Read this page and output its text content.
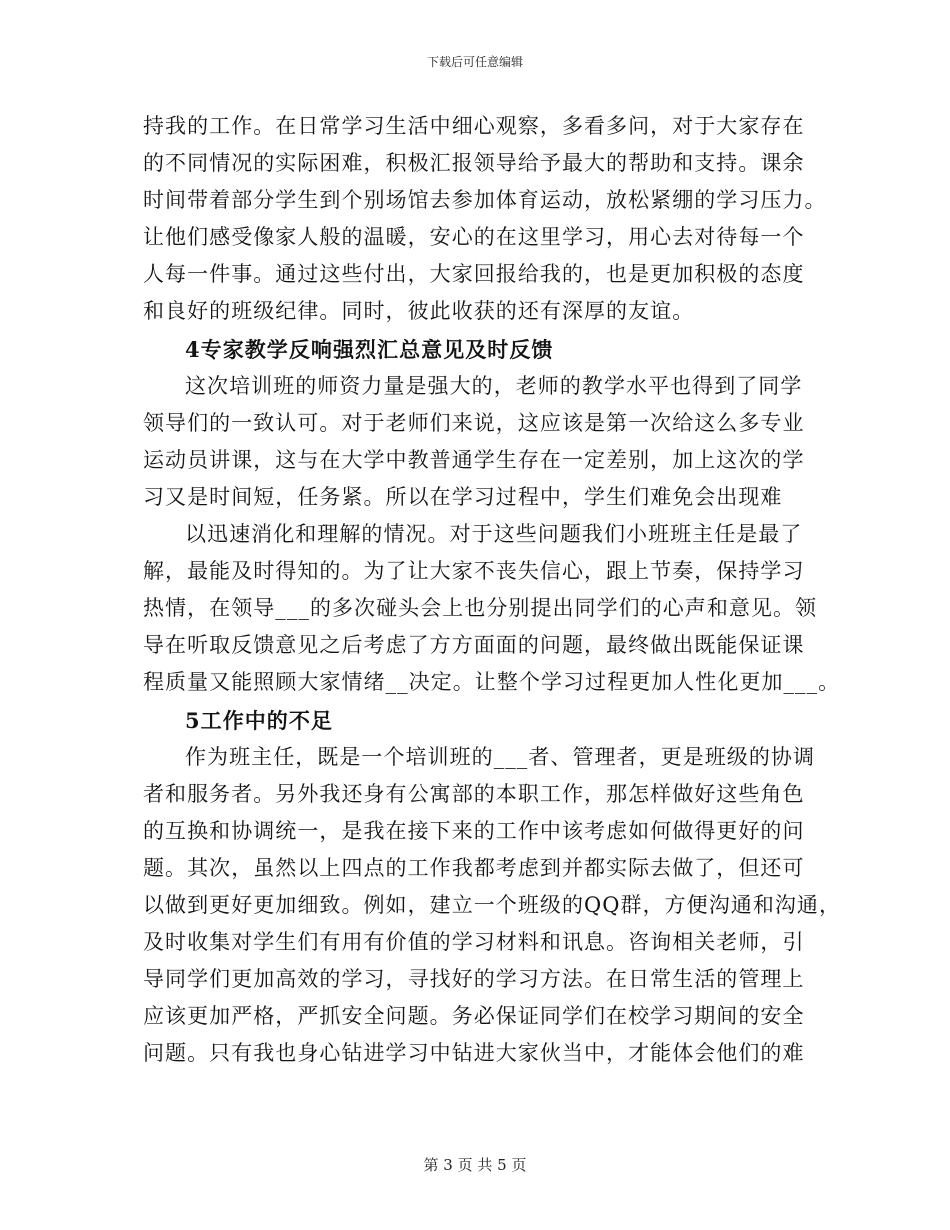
下载后可任意编辑
持我的工作。在日常学习生活中细心观察，多看多问，对于大家存在
的不同情况的实际困难，积极汇报领导给予最大的帮助和支持。课余
时间带着部分学生到个别场馆去参加体育运动，放松紧绷的学习压力。
让他们感受像家人般的温暖，安心的在这里学习，用心去对待每一个
人每一件事。通过这些付出，大家回报给我的，也是更加积极的态度
和良好的班级纪律。同时，彼此收获的还有深厚的友谊。
4专家教学反响强烈汇总意见及时反馈
这次培训班的师资力量是强大的，老师的教学水平也得到了同学
领导们的一致认可。对于老师们来说，这应该是第一次给这么多专业
运动员讲课，这与在大学中教普通学生存在一定差别，加上这次的学
习又是时间短，任务紧。所以在学习过程中，学生们难免会出现难
以迅速消化和理解的情况。对于这些问题我们小班班主任是最了
解，最能及时得知的。为了让大家不丧失信心，跟上节奏，保持学习
热情，在领导___的多次碰头会上也分别提出同学们的心声和意见。领
导在听取反馈意见之后考虑了方方面面的问题，最终做出既能保证课
程质量又能照顾大家情绪__决定。让整个学习过程更加人性化更加___。
5工作中的不足
作为班主任，既是一个培训班的___者、管理者，更是班级的协调
者和服务者。另外我还身有公寓部的本职工作，那怎样做好这些角色
的互换和协调统一，是我在接下来的工作中该考虑如何做得更好的问
题。其次，虽然以上四点的工作我都考虑到并都实际去做了，但还可
以做到更好更加细致。例如，建立一个班级的QQ群，方便沟通和沟通，
及时收集对学生们有用有价值的学习材料和讯息。咨询相关老师，引
导同学们更加高效的学习，寻找好的学习方法。在日常生活的管理上
应该更加严格，严抓安全问题。务必保证同学们在校学习期间的安全
问题。只有我也身心钻进学习中钻进大家伙当中，才能体会他们的难
第 3 页 共 5 页
